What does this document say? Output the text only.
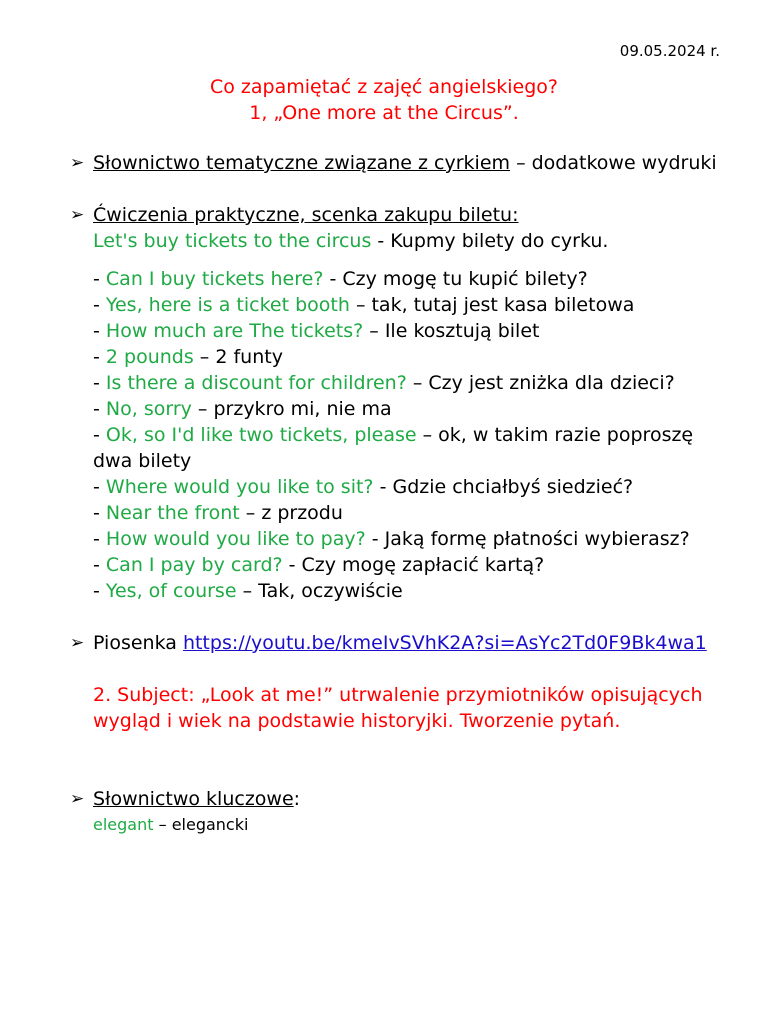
09.05.2024 r.
Co zapamiętać z zajęć angielskiego?
1, „One more at the Circus”.
➢ Słownictwo tematyczne związane z cyrkiem – dodatkowe wydruki
➢ Ćwiczenia praktyczne, scenka zakupu biletu:
Let's buy tickets to the circus - Kupmy bilety do cyrku.
- Can I buy tickets here? - Czy mogę tu kupić bilety?
- Yes, here is a ticket booth – tak, tutaj jest kasa biletowa
- How much are The tickets? – Ile kosztują bilet
- 2 pounds – 2 funty
- Is there a discount for children? – Czy jest zniżka dla dzieci?
- No, sorry – przykro mi, nie ma
- Ok, so I'd like two tickets, please – ok, w takim razie poproszę dwa bilety
- Where would you like to sit? - Gdzie chciałbyś siedzieć?
- Near the front – z przodu
- How would you like to pay? - Jaką formę płatności wybierasz?
- Can I pay by card? - Czy mogę zapłacić kartą?
- Yes, of course – Tak, oczywiście
➢ Piosenka https://youtu.be/kmeIvSVhK2A?si=AsYc2Td0F9Bk4wa1
2. Subject: „Look at me!” utrwalenie przymiotników opisujących wygląd i wiek na podstawie historyjki. Tworzenie pytań.
➢ Słownictwo kluczowe:
elegant – elegancki
